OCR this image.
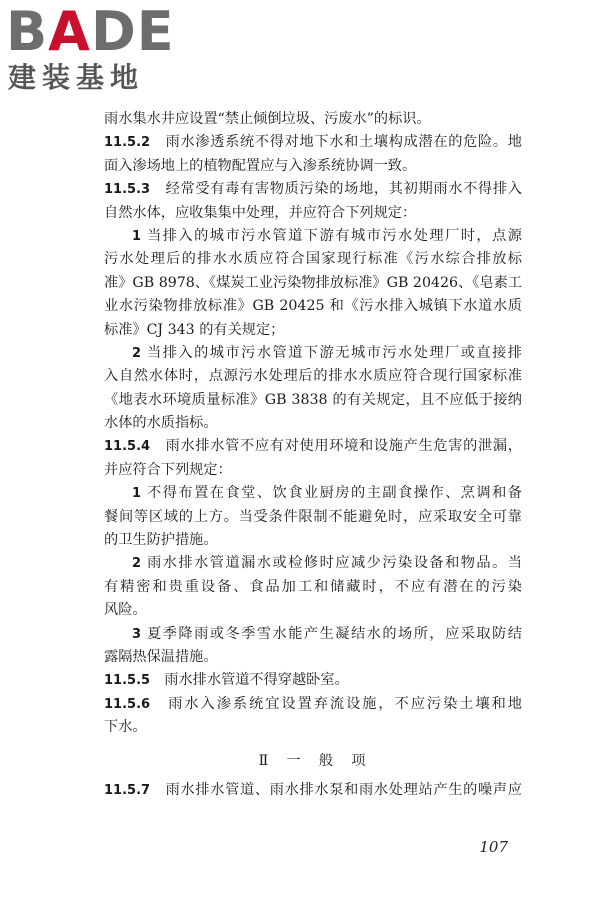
BADE
建装基地
雨水集水井应设置“禁止倾倒垃圾、污废水”的标识。
11.5.2　 雨水渗透系统不得对地下水和土壤构成潜在的危险。地
面入渗场地上的植物配置应与入渗系统协调一致。
11.5.3　 经常受有毒有害物质污染的场地，其初期雨水不得排入
自然水体，应收集集中处理，并应符合下列规定：
1 当排入的城市污水管道下游有城市污水处理厂时，点源
污水处理后的排水水质应符合国家现行标准《污水综合排放标
准》GB 8978、《煤炭工业污染物排放标准》GB 20426、《皂素工
业水污染物排放标准》GB 20425 和《污水排入城镇下水道水质
标准》CJ 343 的有关规定；
2 当排入的城市污水管道下游无城市污水处理厂或直接排
入自然水体时，点源污水处理后的排水水质应符合现行国家标准
《地表水环境质量标准》GB 3838 的有关规定，且不应低于接纳
水体的水质指标。
11.5.4　 雨水排水管不应有对使用环境和设施产生危害的泄漏，
并应符合下列规定：
1 不得布置在食堂、饮食业厨房的主副食操作、烹调和备
餐间等区域的上方。当受条件限制不能避免时，应采取安全可靠
的卫生防护措施。
2 雨水排水管道漏水或检修时应减少污染设备和物品。当
有精密和贵重设备、食品加工和储藏时，不应有潜在的污染
风险。
3 夏季降雨或冬季雪水能产生凝结水的场所，应采取防结
露隔热保温措施。
11.5.5　 雨水排水管道不得穿越卧室。
11.5.6　 雨水入渗系统宜设置弃流设施，不应污染土壤和地
下水。
Ⅱ　一　般　项
11.5.7　 雨水排水管道、雨水排水泵和雨水处理站产生的噪声应
107
